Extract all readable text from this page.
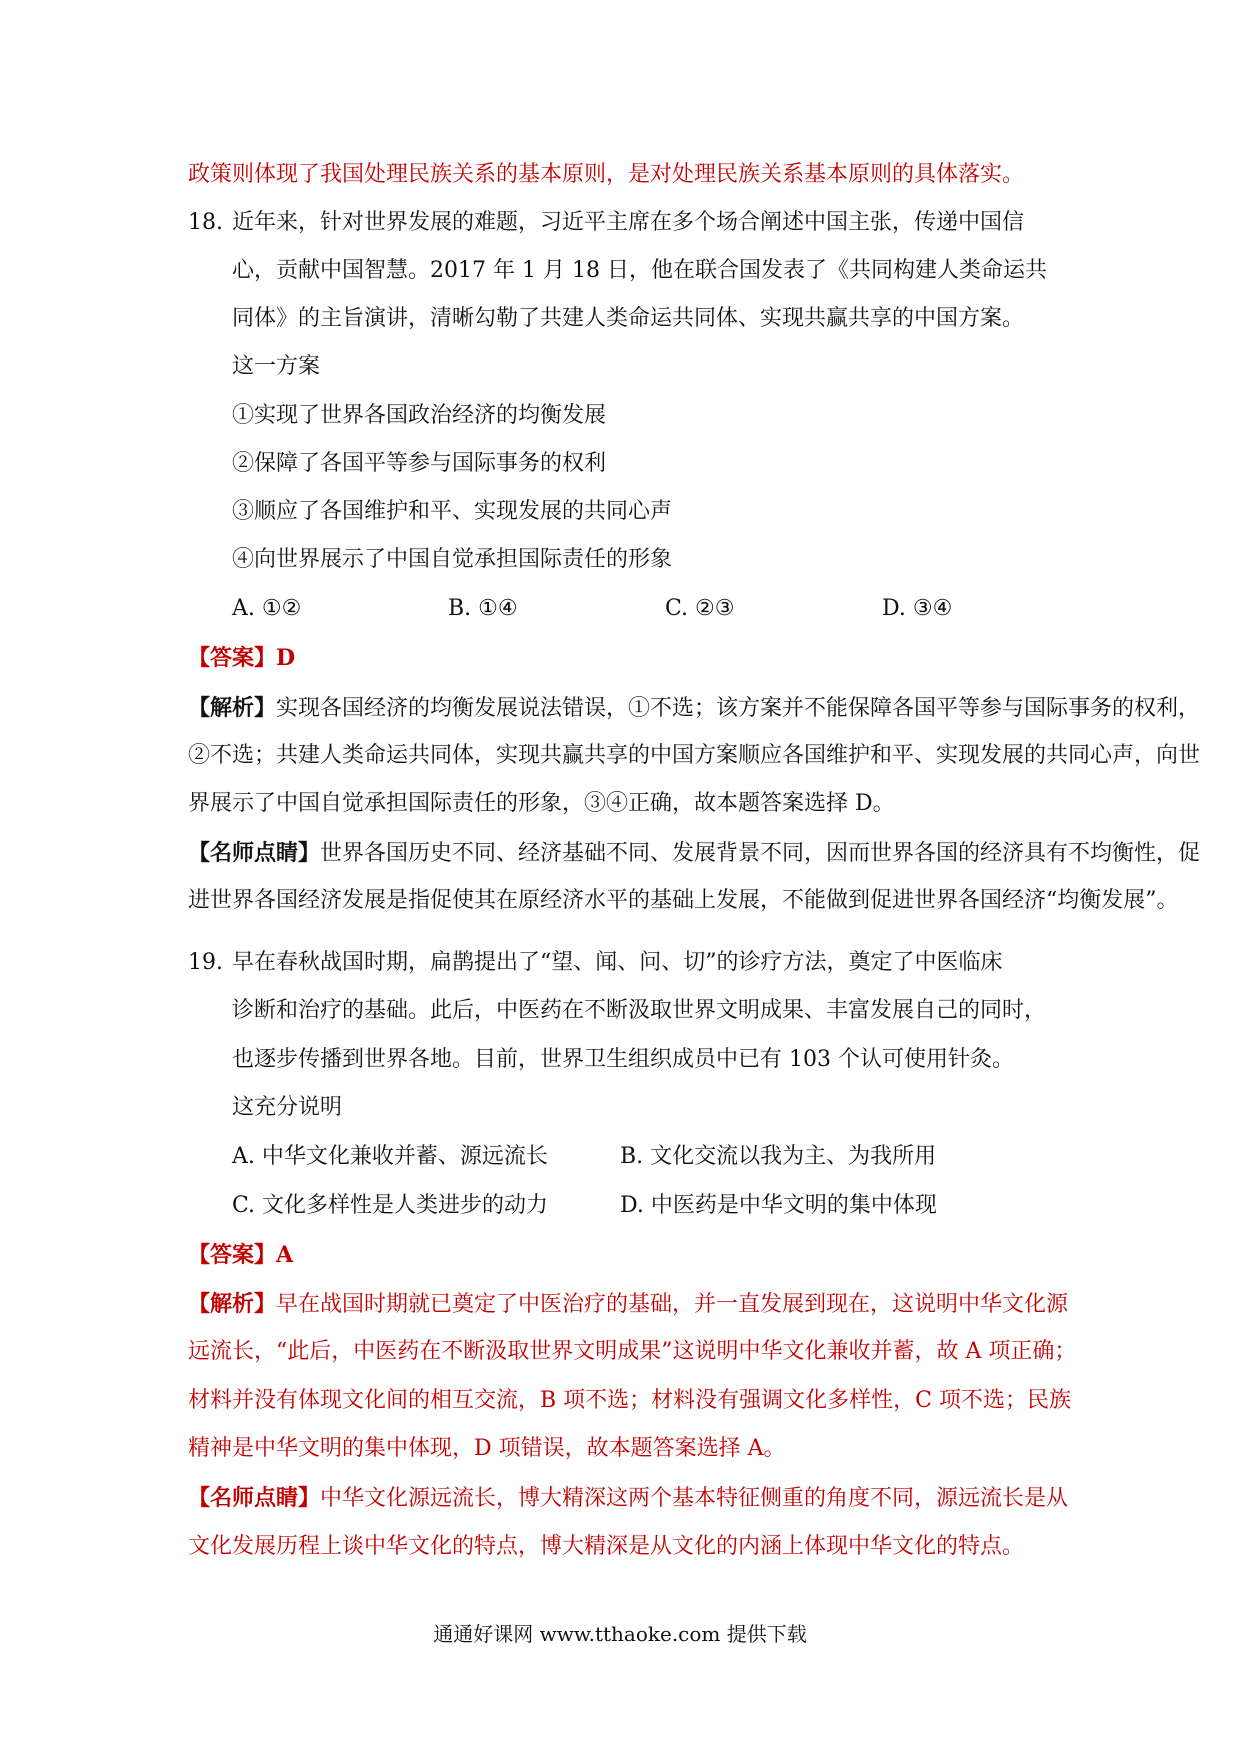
政策则体现了我国处理民族关系的基本原则，是对处理民族关系基本原则的具体落实。
18. 近年来，针对世界发展的难题，习近平主席在多个场合阐述中国主张，传递中国信
心，贡献中国智慧。2017 年 1 月 18 日，他在联合国发表了《共同构建人类命运共
同体》的主旨演讲，清晰勾勒了共建人类命运共同体、实现共赢共享的中国方案。
这一方案
①实现了世界各国政治经济的均衡发展
②保障了各国平等参与国际事务的权利
③顺应了各国维护和平、实现发展的共同心声
④向世界展示了中国自觉承担国际责任的形象
A. ①②	B. ①④	C. ②③	D. ③④
【答案】D
【解析】实现各国经济的均衡发展说法错误，①不选；该方案并不能保障各国平等参与国际事务的权利，
②不选；共建人类命运共同体，实现共赢共享的中国方案顺应各国维护和平、实现发展的共同心声，向世
界展示了中国自觉承担国际责任的形象，③④正确，故本题答案选择 D。
【名师点睛】世界各国历史不同、经济基础不同、发展背景不同，因而世界各国的经济具有不均衡性，促
进世界各国经济发展是指促使其在原经济水平的基础上发展，不能做到促进世界各国经济“均衡发展”。
19. 早在春秋战国时期，扁鹊提出了“望、闻、问、切”的诊疗方法，奠定了中医临床
诊断和治疗的基础。此后，中医药在不断汲取世界文明成果、丰富发展自己的同时，
也逐步传播到世界各地。目前，世界卫生组织成员中已有 103 个认可使用针灸。
这充分说明
A. 中华文化兼收并蓄、源远流长	B. 文化交流以我为主、为我所用
C. 文化多样性是人类进步的动力	D. 中医药是中华文明的集中体现
【答案】A
【解析】早在战国时期就已奠定了中医治疗的基础，并一直发展到现在，这说明中华文化源
远流长，“此后，中医药在不断汲取世界文明成果”这说明中华文化兼收并蓄，故 A 项正确；
材料并没有体现文化间的相互交流，B 项不选；材料没有强调文化多样性，C 项不选；民族
精神是中华文明的集中体现，D 项错误，故本题答案选择 A。
【名师点睛】中华文化源远流长，博大精深这两个基本特征侧重的角度不同，源远流长是从
文化发展历程上谈中华文化的特点，博大精深是从文化的内涵上体现中华文化的特点。
通通好课网 www.tthaoke.com 提供下载
